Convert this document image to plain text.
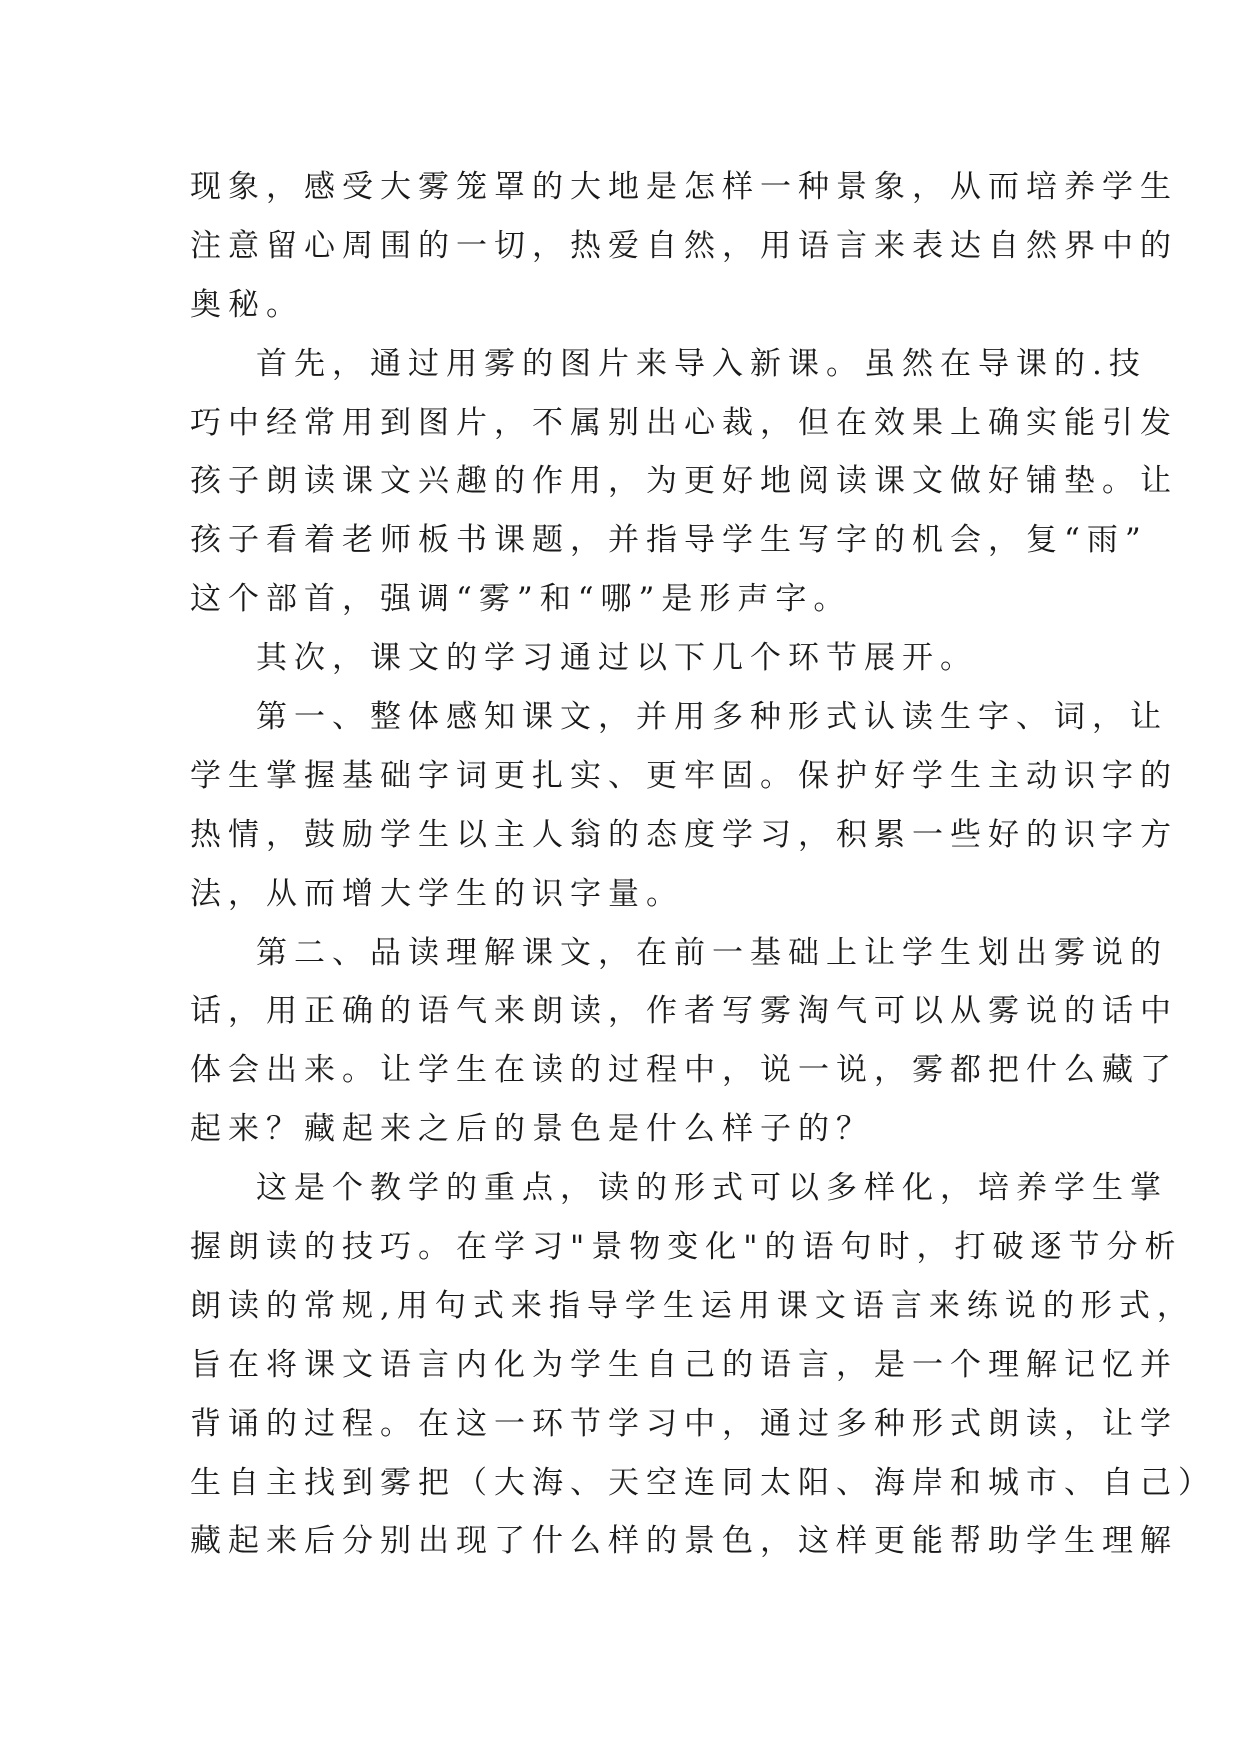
现象，感受大雾笼罩的大地是怎样一种景象，从而培养学生
注意留心周围的一切，热爱自然，用语言来表达自然界中的
奥秘。
首先，通过用雾的图片来导入新课。虽然在导课的.技
巧中经常用到图片，不属别出心裁，但在效果上确实能引发
孩子朗读课文兴趣的作用，为更好地阅读课文做好铺垫。让
孩子看着老师板书课题，并指导学生写字的机会，复“雨”
这个部首，强调“雾”和“哪”是形声字。
其次，课文的学习通过以下几个环节展开。
第一、整体感知课文，并用多种形式认读生字、词，让
学生掌握基础字词更扎实、更牢固。保护好学生主动识字的
热情，鼓励学生以主人翁的态度学习，积累一些好的识字方
法，从而增大学生的识字量。
第二、品读理解课文，在前一基础上让学生划出雾说的
话，用正确的语气来朗读，作者写雾淘气可以从雾说的话中
体会出来。让学生在读的过程中，说一说，雾都把什么藏了
起来？藏起来之后的景色是什么样子的？
这是个教学的重点，读的形式可以多样化，培养学生掌
握朗读的技巧。在学习"景物变化"的语句时，打破逐节分析
朗读的常规,用句式来指导学生运用课文语言来练说的形式，
旨在将课文语言内化为学生自己的语言，是一个理解记忆并
背诵的过程。在这一环节学习中，通过多种形式朗读，让学
生自主找到雾把（大海、天空连同太阳、海岸和城市、自己）
藏起来后分别出现了什么样的景色，这样更能帮助学生理解
